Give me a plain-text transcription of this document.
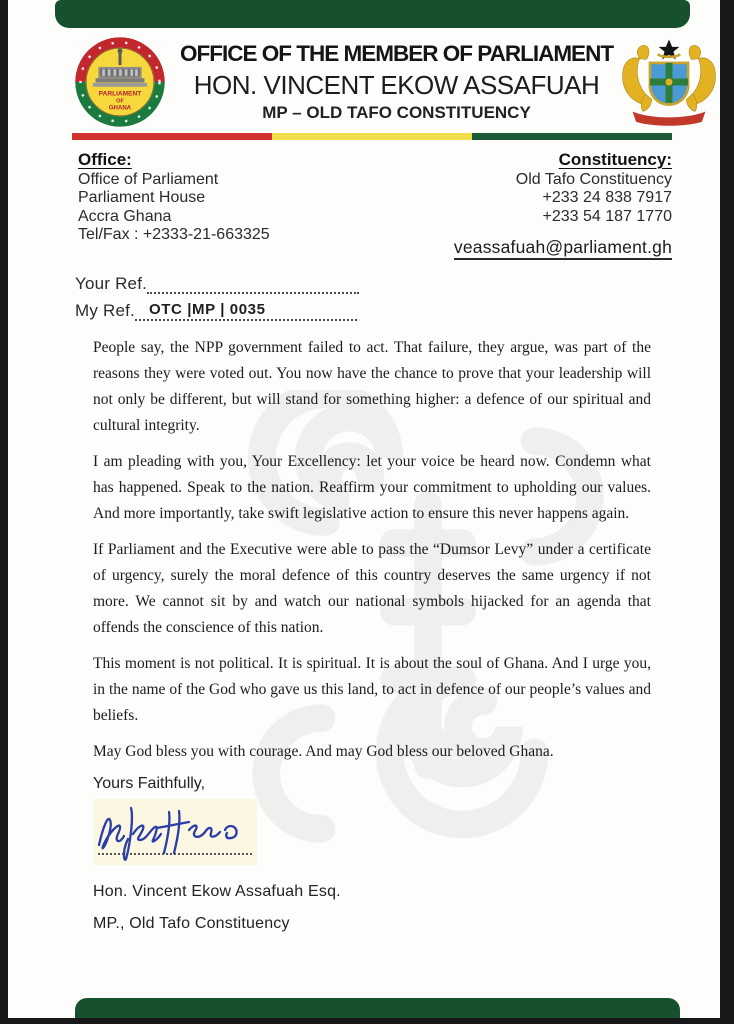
PARLIAMENT
OF
GHANA
OFFICE OF THE MEMBER OF PARLIAMENT
HON. VINCENT EKOW ASSAFUAH
MP – OLD TAFO CONSTITUENCY
Office:
Office of Parliament
Parliament House
Accra Ghana
Tel/Fax : +2333-21-663325
Constituency:
Old Tafo Constituency
+233 24 838 7917
+233 54 187 1770
veassafuah@parliament.gh
Your Ref.
My Ref. OTC |MP | 0035

People say, the NPP government failed to act. That failure, they argue, was part of the reasons they were voted out. You now have the chance to prove that your leadership will not only be different, but will stand for something higher: a defence of our spiritual and cultural integrity.

I am pleading with you, Your Excellency: let your voice be heard now. Condemn what has happened. Speak to the nation. Reaffirm your commitment to upholding our values. And more importantly, take swift legislative action to ensure this never happens again.

If Parliament and the Executive were able to pass the “Dumsor Levy” under a certificate of urgency, surely the moral defence of this country deserves the same urgency if not more. We cannot sit by and watch our national symbols hijacked for an agenda that offends the conscience of this nation.

This moment is not political. It is spiritual. It is about the soul of Ghana. And I urge you, in the name of the God who gave us this land, to act in defence of our people’s values and beliefs.

May God bless you with courage. And may God bless our beloved Ghana.

Yours Faithfully,
Hon. Vincent Ekow Assafuah Esq.
MP., Old Tafo Constituency
